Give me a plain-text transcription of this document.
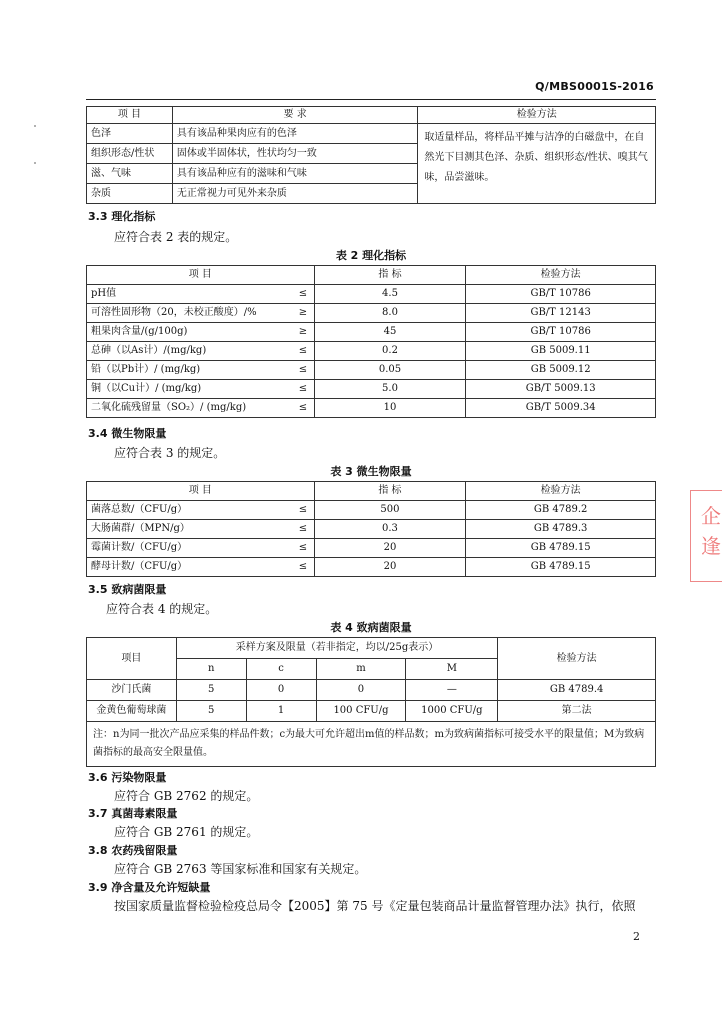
Q/MBS0001S-2016
项 目	要 求	检验方法
色泽	具有该品种果肉应有的色泽	取适量样品，将样品平摊与洁净的白磁盘中，在自然光下目测其色泽、杂质、组织形态/性状、嗅其气味，品尝滋味。
组织形态/性状	固体或半固体状，性状均匀一致	
滋、气味	具有该品种应有的滋味和气味	
杂质	无正常视力可见外来杂质	
3.3 理化指标
应符合表 2 表的规定。
表 2 理化指标
项 目		指 标	检验方法
pH值	≤	4.5	GB/T 10786
可溶性固形物（20，未校正酸度）/%	≥	8.0	GB/T 12143
粗果肉含量/(g/100g)	≥	45	GB/T 10786
总砷（以As计）/(mg/kg)	≤	0.2	GB 5009.11
铅（以Pb计）/ (mg/kg)	≤	0.05	GB 5009.12
铜（以Cu计）/ (mg/kg)	≤	5.0	GB/T 5009.13
二氧化硫残留量（SO₂）/ (mg/kg)	≤	10	GB/T 5009.34
3.4 微生物限量
应符合表 3 的规定。
表 3 微生物限量
项 目		指 标	检验方法
菌落总数/（CFU/g）	≤	500	GB 4789.2
大肠菌群/（MPN/g）	≤	0.3	GB 4789.3
霉菌计数/（CFU/g）	≤	20	GB 4789.15
酵母计数/（CFU/g）	≤	20	GB 4789.15
3.5 致病菌限量
应符合表 4 的规定。
表 4 致病菌限量
项目	采样方案及限量（若非指定，均以/25g表示）				检验方法
	n	c	m	M	
沙门氏菌	5	0	0	—	GB 4789.4
金黄色葡萄球菌	5	1	100 CFU/g	1000 CFU/g	第二法
注：n为同一批次产品应采集的样品件数；c为最大可允许超出m值的样品数；m为致病菌指标可接受水平的限量值；M为致病菌指标的最高安全限量值。					
3.6 污染物限量
应符合 GB 2762 的规定。
3.7 真菌毒素限量
应符合 GB 2761 的规定。
3.8 农药残留限量
应符合 GB 2763 等国家标准和国家有关规定。
3.9 净含量及允许短缺量
按国家质量监督检验检疫总局令【2005】第 75 号《定量包装商品计量监督管理办法》执行，依照
2
企
逢
